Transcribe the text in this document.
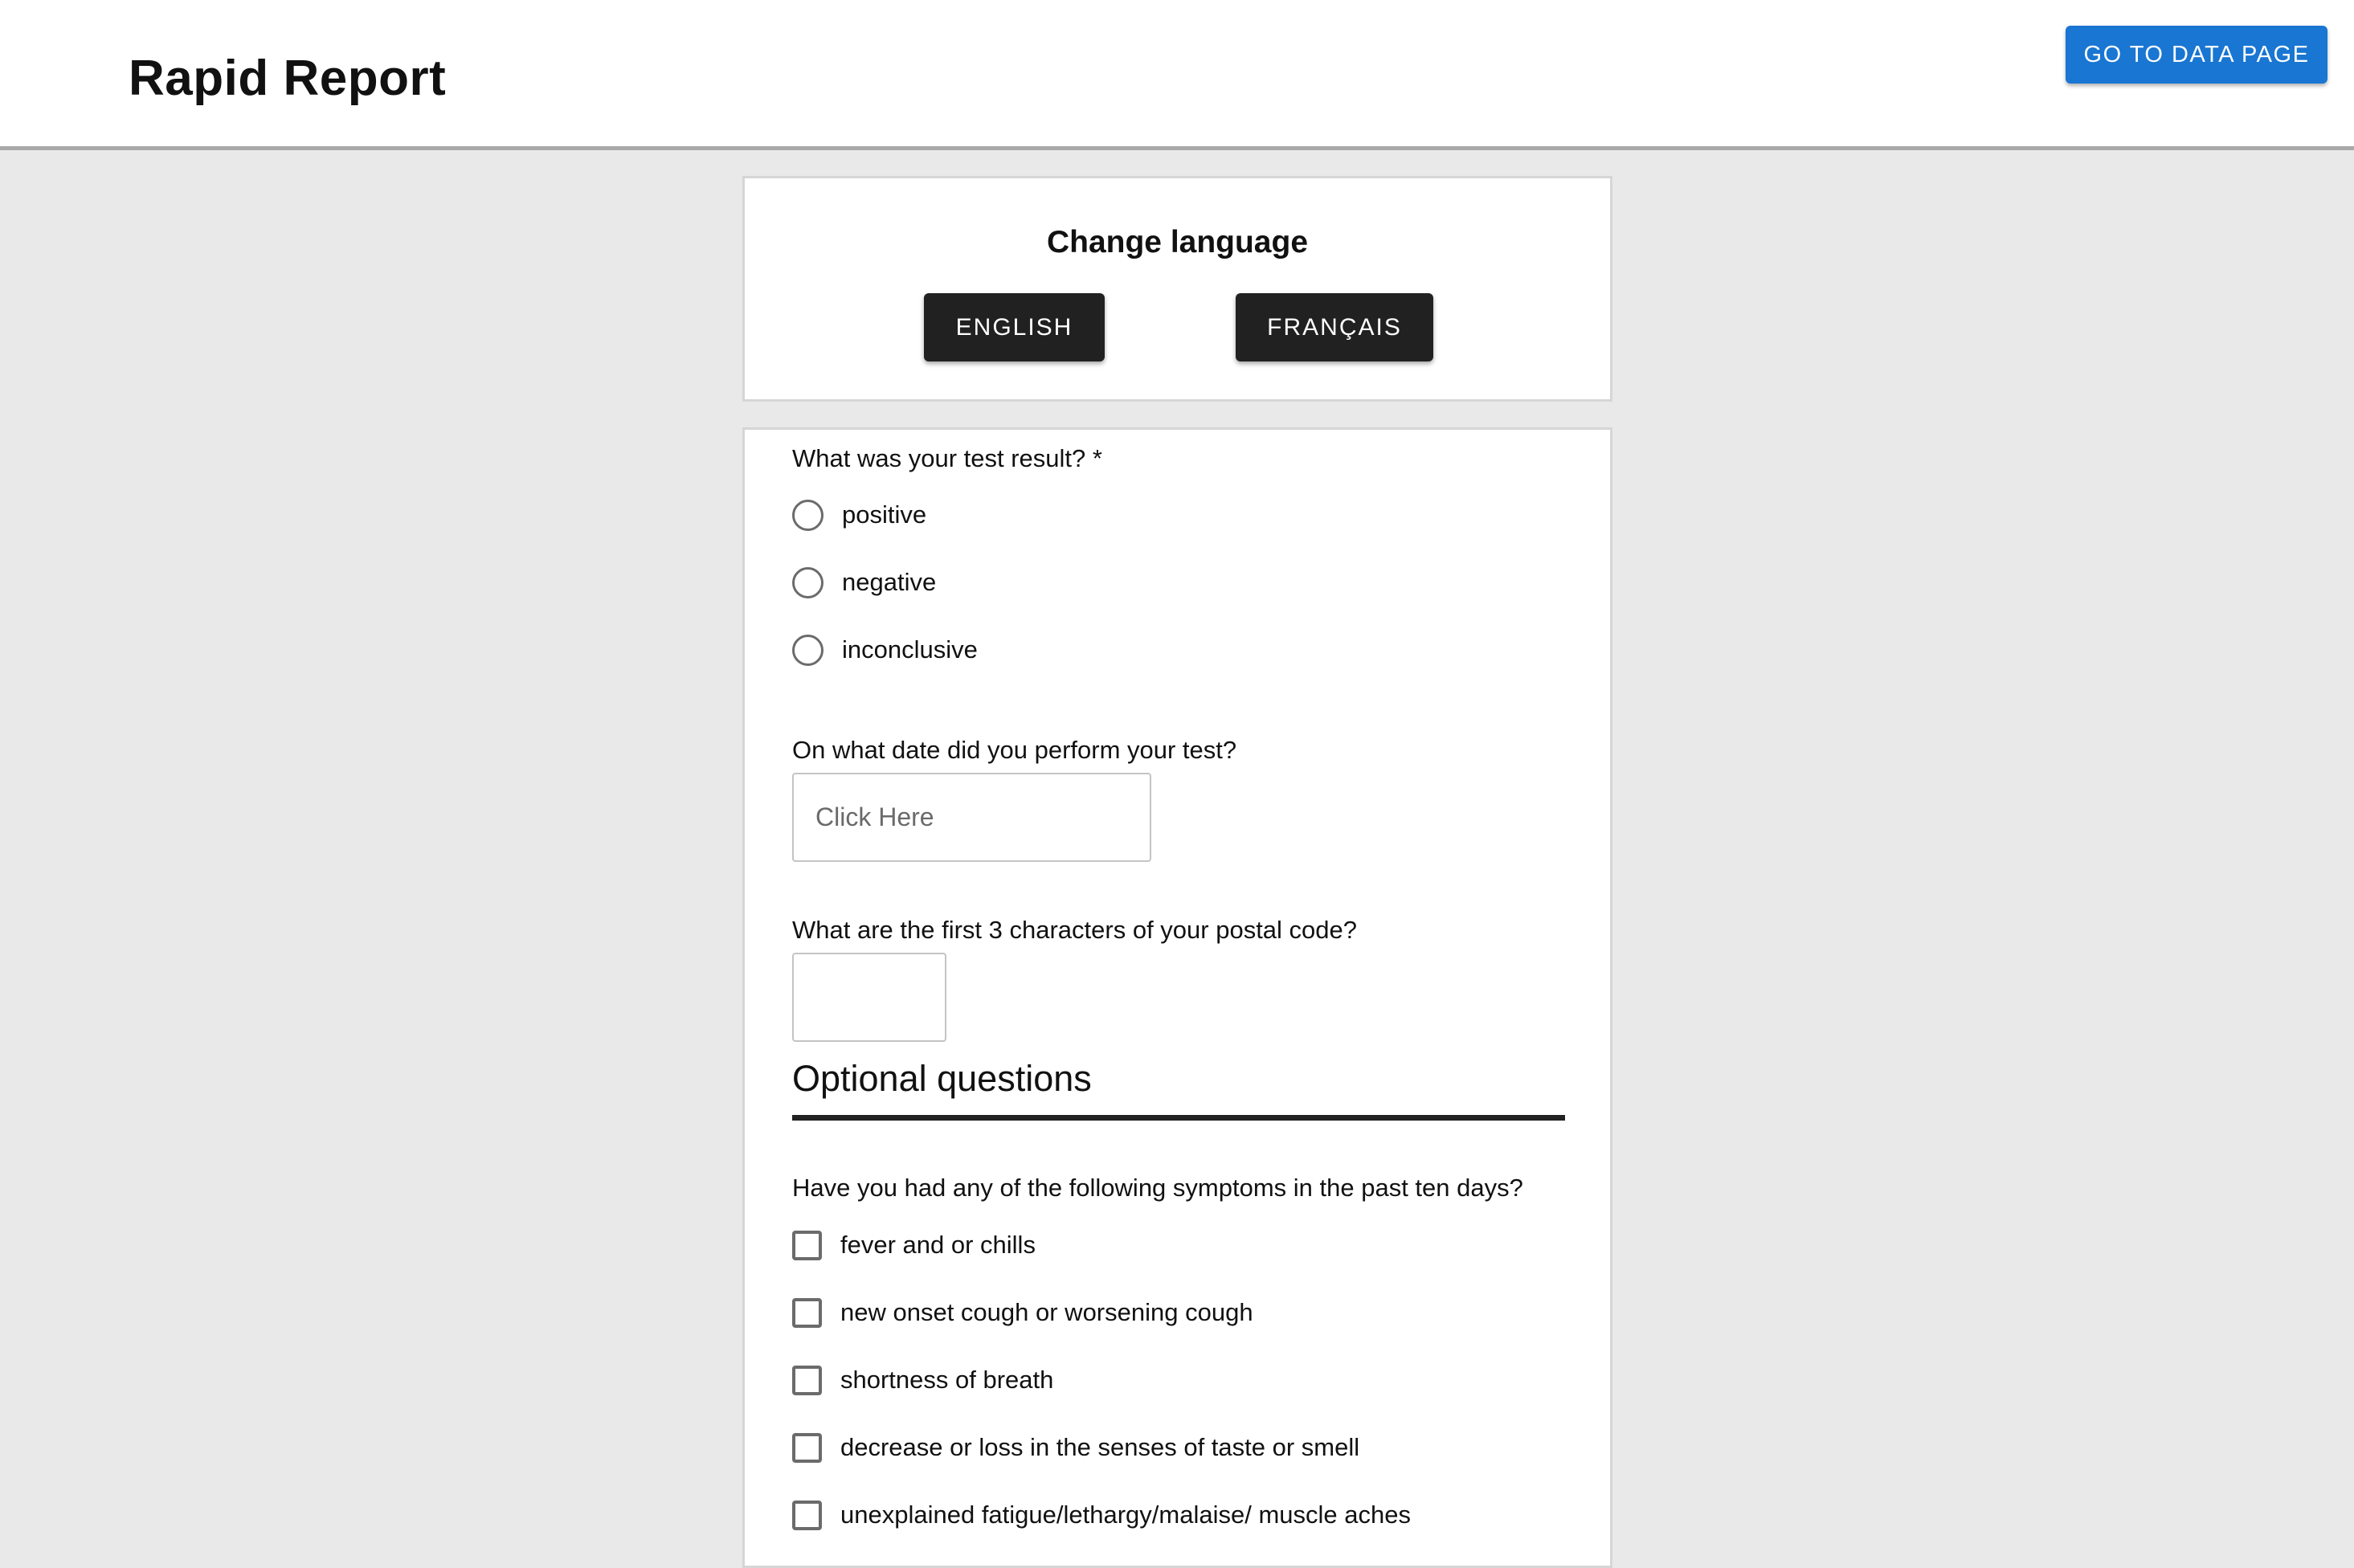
Rapid Report	GO TO DATA PAGE
Change language
ENGLISH	FRANÇAIS
What was your test result? *
positive
negative
inconclusive
On what date did you perform your test?
Click Here
What are the first 3 characters of your postal code?
Optional questions
Have you had any of the following symptoms in the past ten days?
fever and or chills
new onset cough or worsening cough
shortness of breath
decrease or loss in the senses of taste or smell
unexplained fatigue/lethargy/malaise/ muscle aches
